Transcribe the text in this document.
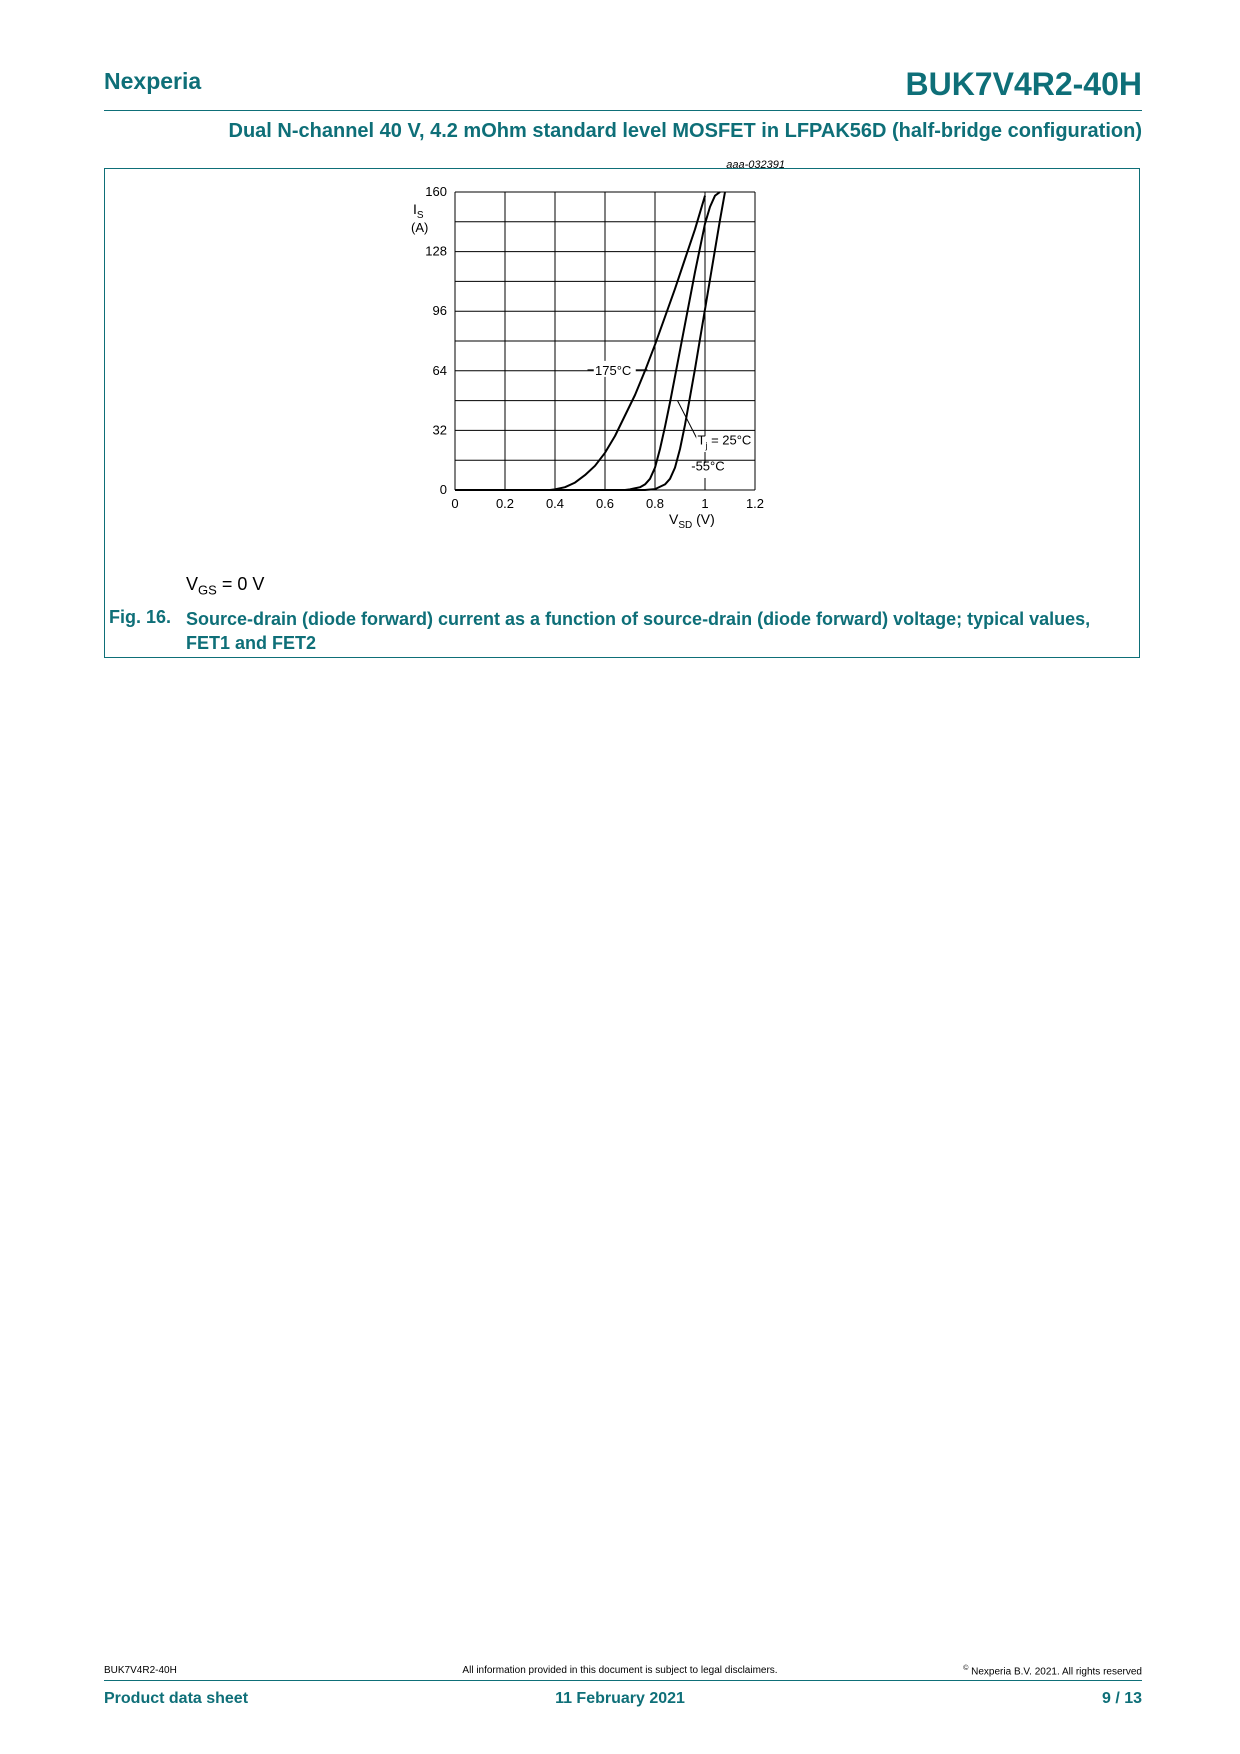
Nexperia	BUK7V4R2-40H
Dual N-channel 40 V, 4.2 mOhm standard level MOSFET in LFPAK56D (half-bridge configuration)
0	0.2 0.4 0.6 0.8	1	1.2
0
32
64
96
128
160
$I_S$
(A)
$V_{SD}$ (V)
175°C
$T_j = 25^\circ C$
-55°C
aaa-032391
$V_{GS} = 0$ V
Fig. 16. Source-drain (diode forward) current as a function of source-drain (diode forward) voltage; typical values, FET1 and FET2
BUK7V4R2-40H	All information provided in this document is subject to legal disclaimers.	© Nexperia B.V. 2021. All rights reserved
Product data sheet	11 February 2021	9 / 13
